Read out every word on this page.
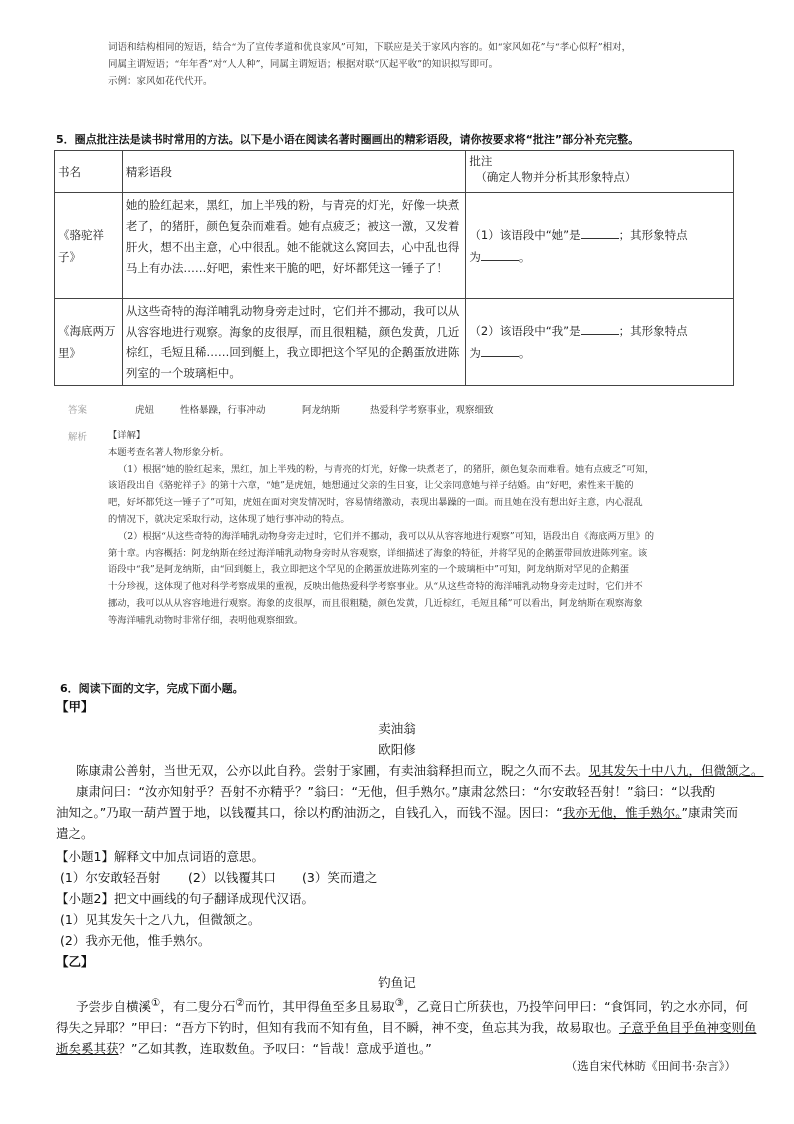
词语和结构相同的短语，结合“为了宣传孝道和优良家风”可知，下联应是关于家风内容的。如“家风如花”与“孝心似籽”相对，
同属主谓短语；“年年香”对“人人种”，同属主谓短语；根据对联“仄起平收”的知识拟写即可。
示例：家风如花代代开。
5．圈点批注法是读书时常用的方法。以下是小语在阅读名著时圈画出的精彩语段，请你按要求将“批注”部分补充完整。
书名	精彩语段	批注
（确定人物并分析其形象特点）

《骆驼祥子》	她的脸红起来，黑红，加上半残的粉，与青亮的灯光，好像一块煮老了，的猪肝，颜色复杂而难看。她有点疲乏；被这一激，又发着肝火，想不出主意，心中很乱。她不能就这么窝回去，心中乱也得马上有办法……好吧，索性来干脆的吧，好坏都凭这一锤子了！	（1）该语段中“她”是 ；其形象特点
为 。
《海底两万里》	从这些奇特的海洋哺乳动物身旁走过时，它们并不挪动，我可以从从容容地进行观察。海象的皮很厚，而且很粗糙，颜色发黄，几近棕红，毛短且稀……回到艇上，我立即把这个罕见的企鹅蛋放进陈列室的一个玻璃柜中。	（2）该语段中“我”是 ；其形象特点
为 。
答案	虎妞	性格暴躁，行事冲动	阿龙纳斯	热爱科学考察事业，观察细致
解析 【详解】
本题考查名著人物形象分析。
（1）根据“她的脸红起来，黑红，加上半残的粉，与青亮的灯光，好像一块煮老了，的猪肝，颜色复杂而难看。她有点疲乏”可知，
该语段出自《骆驼祥子》的第十六章，“她”是虎妞，她想通过父亲的生日宴，让父亲同意她与祥子结婚。由“好吧，索性来干脆的
吧，好坏都凭这一锤子了”可知，虎妞在面对突发情况时，容易情绪激动，表现出暴躁的一面。而且她在没有想出好主意，内心混乱
的情况下，就决定采取行动，这体现了她行事冲动的特点。
（2）根据“从这些奇特的海洋哺乳动物身旁走过时，它们并不挪动，我可以从从容容地进行观察”可知，语段出自《海底两万里》的
第十章。内容概括：阿龙纳斯在经过海洋哺乳动物身旁时从容观察，详细描述了海象的特征，并将罕见的企鹅蛋带回放进陈列室。该
语段中“我”是阿龙纳斯，由“回到艇上，我立即把这个罕见的企鹅蛋放进陈列室的一个玻璃柜中”可知，阿龙纳斯对罕见的企鹅蛋
十分珍视，这体现了他对科学考察成果的重视，反映出他热爱科学考察事业。从“从这些奇特的海洋哺乳动物身旁走过时，它们并不
挪动，我可以从从容容地进行观察。海象的皮很厚，而且很粗糙，颜色发黄，几近棕红，毛短且稀”可以看出，阿龙纳斯在观察海象
等海洋哺乳动物时非常仔细，表明他观察细致。
6．阅读下面的文字，完成下面小题。
【甲】
卖油翁
欧阳修
陈康肃公善射，当世无双，公亦以此自矜。尝射于家圃，有卖油翁释担而立，睨之久而不去。见其发矢十中八九，但微颔之。
康肃问曰：“汝亦知射乎？吾射不亦精乎？”翁曰：“无他，但手熟尔。”康肃忿然曰：“尔安敢轻吾射！”翁曰：“以我酌
油知之。”乃取一葫芦置于地，以钱覆其口，徐以杓酌油沥之，自钱孔入，而钱不湿。因曰：“我亦无他，惟手熟尔。”康肃笑而
遣之。
【小题1】解释文中加点词语的意思。
(1）尔安敢轻吾射 (2）以钱覆其口 (3）笑而遣之
【小题2】把文中画线的句子翻译成现代汉语。
(1）见其发矢十之八九，但微颔之。
(2）我亦无他，惟手熟尔。
【乙】
钓鱼记
予尝步自横溪①，有二叟分石②而竹，其甲得鱼至多且易取③，乙竟日亡所获也，乃投竿问甲曰：“食饵同，钓之水亦同，何
得失之异耶？”甲曰：“吾方下钓时，但知有我而不知有鱼，目不瞬，神不变，鱼忘其为我，故易取也。子意乎鱼目乎鱼神变则鱼
逝矣奚其获？”乙如其教，连取数鱼。予叹曰：“旨哉！意成乎道也。”
（选自宋代林昉《田间书·杂言》）
